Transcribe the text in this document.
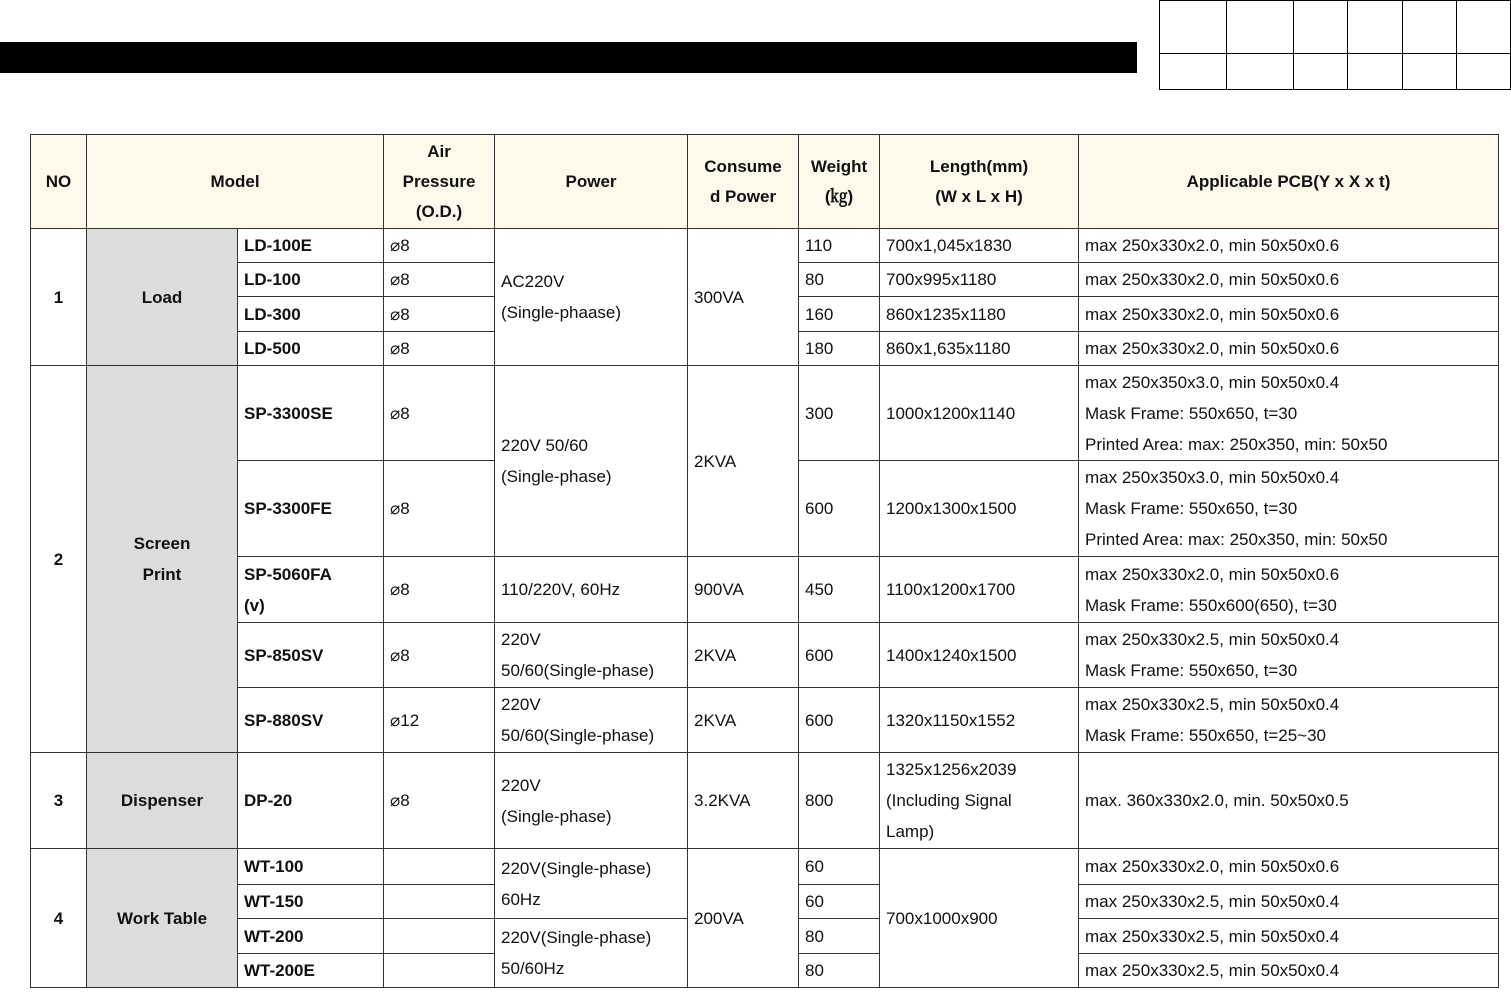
NO	Model		Air
Pressure
(O.D.)	Power	Consume
d Power	Weight
(㎏)	Length(mm)
(W x L x H)	Applicable PCB(Y x X x t)
1	Load	LD-100E	⌀8	AC220V
(Single-phaase)	300VA	110	700x1,045x1830	max 250x330x2.0, min 50x50x0.6
		LD-100	⌀8			80	700x995x1180	max 250x330x2.0, min 50x50x0.6
		LD-300	⌀8			160	860x1235x1180	max 250x330x2.0, min 50x50x0.6
		LD-500	⌀8			180	860x1,635x1180	max 250x330x2.0, min 50x50x0.6
2	Screen
Print	SP-3300SE	⌀8	220V 50/60
(Single-phase)	2KVA	300	1000x1200x1140	max 250x350x3.0, min 50x50x0.4
Mask Frame: 550x650, t=30
Printed Area: max: 250x350, min: 50x50
		SP-3300FE	⌀8			600	1200x1300x1500	max 250x350x3.0, min 50x50x0.4
Mask Frame: 550x650, t=30
Printed Area: max: 250x350, min: 50x50
		SP-5060FA
(v)	⌀8	110/220V, 60Hz	900VA	450	1100x1200x1700	max 250x330x2.0, min 50x50x0.6
Mask Frame: 550x600(650), t=30
		SP-850SV	⌀8	220V
50/60(Single-phase)	2KVA	600	1400x1240x1500	max 250x330x2.5, min 50x50x0.4
Mask Frame: 550x650, t=30
		SP-880SV	⌀12	220V
50/60(Single-phase)	2KVA	600	1320x1150x1552	max 250x330x2.5, min 50x50x0.4
Mask Frame: 550x650, t=25~30
3	Dispenser	DP-20	⌀8	220V
(Single-phase)	3.2KVA	800	1325x1256x2039
(Including Signal
Lamp)	max. 360x330x2.0, min. 50x50x0.5
4	Work Table	WT-100		220V(Single-phase)
60Hz	200VA	60	700x1000x900	max 250x330x2.0, min 50x50x0.6
		WT-150				60		max 250x330x2.5, min 50x50x0.4
		WT-200		220V(Single-phase)
50/60Hz		80		max 250x330x2.5, min 50x50x0.4
		WT-200E				80		max 250x330x2.5, min 50x50x0.4
